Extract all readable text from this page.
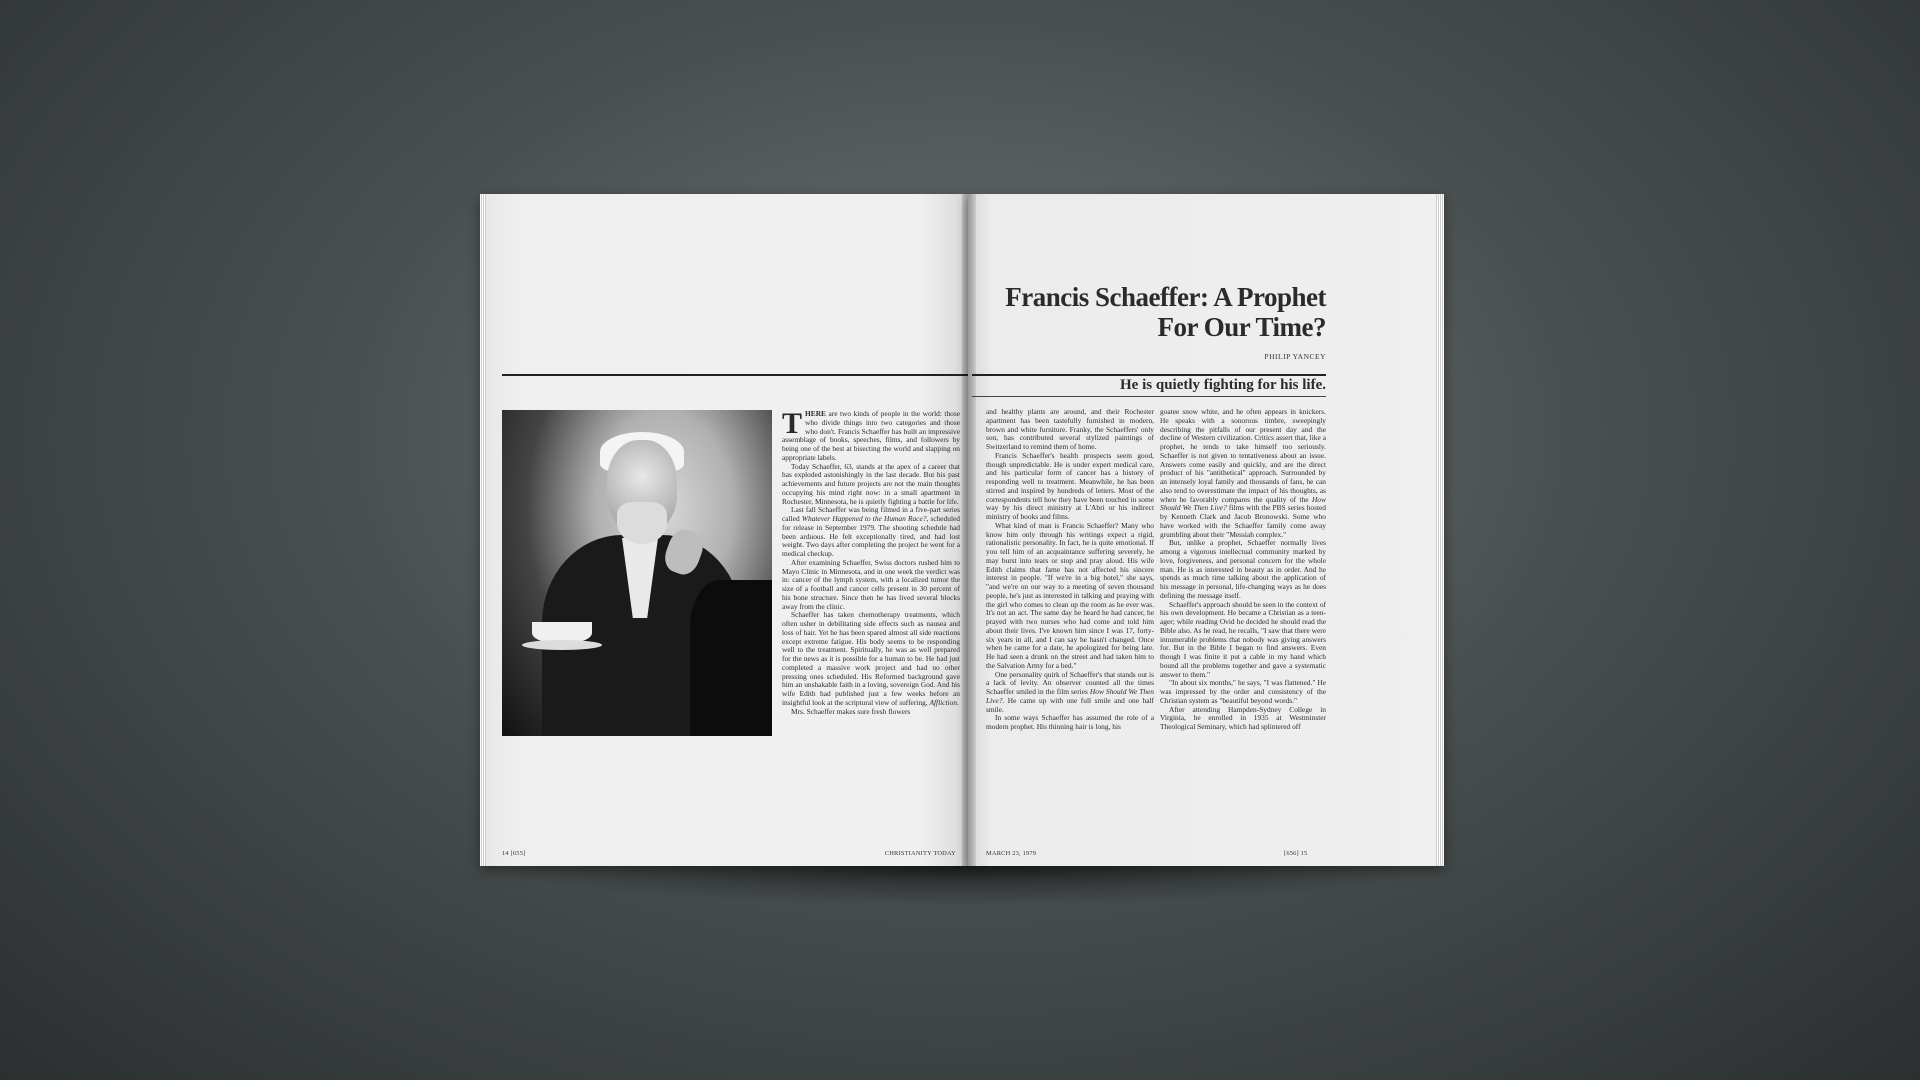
THERE are two kinds of people in the world: those who divide things into two categories and those who don't. Francis Schaeffer has built an impressive assemblage of books, speeches, films, and followers by being one of the best at bisecting the world and slapping on appropriate labels.

Today Schaeffer, 63, stands at the apex of a career that has exploded astonishingly in the last decade. But his past achievements and future projects are not the main thoughts occupying his mind right now: in a small apartment in Rochester, Minnesota, he is quietly fighting a battle for life.

Last fall Schaeffer was being filmed in a five-part series called Whatever Happened to the Human Race?, scheduled for release in September 1979. The shooting schedule had been arduous. He felt exceptionally tired, and had lost weight. Two days after completing the project he went for a medical checkup.

After examining Schaeffer, Swiss doctors rushed him to Mayo Clinic in Minnesota, and in one week the verdict was in: cancer of the lymph system, with a localized tumor the size of a football and cancer cells present in 30 percent of his bone structure. Since then he has lived several blocks away from the clinic.

Schaeffer has taken chemotherapy treatments, which often usher in debilitating side effects such as nausea and loss of hair. Yet he has been spared almost all side reactions except extreme fatigue. His body seems to be responding well to the treatment. Spiritually, he was as well prepared for the news as it is possible for a human to be. He had just completed a massive work project and had no other pressing ones scheduled. His Reformed background gave him an unshakable faith in a loving, sovereign God. And his wife Edith had published just a few weeks before an insightful look at the scriptural view of suffering, Affliction.

Mrs. Schaeffer makes sure fresh flowers

14 [655]	CHRISTIANITY TODAY
Francis Schaeffer: A Prophet
For Our Time?
PHILIP YANCEY
He is quietly fighting for his life.

and healthy plants are around, and their Rochester apartment has been tastefully furnished in modern, brown and white furniture. Franky, the Schaeffers' only son, has contributed several stylized paintings of Switzerland to remind them of home.

Francis Schaeffer's health prospects seem good, though unpredictable. He is under expert medical care, and his particular form of cancer has a history of responding well to treatment. Meanwhile, he has been stirred and inspired by hundreds of letters. Most of the correspondents tell how they have been touched in some way by his direct ministry at L'Abri or his indirect ministry of books and films.

What kind of man is Francis Schaeffer? Many who know him only through his writings expect a rigid, rationalistic personality. In fact, he is quite emotional. If you tell him of an acquaintance suffering severely, he may burst into tears or stop and pray aloud. His wife Edith claims that fame has not affected his sincere interest in people. "If we're in a big hotel," she says, "and we're on our way to a meeting of seven thousand people, he's just as interested in talking and praying with the girl who comes to clean up the room as he ever was. It's not an act. The same day he heard he had cancer, he prayed with two nurses who had come and told him about their lives. I've known him since I was 17, forty-six years in all, and I can say he hasn't changed. Once when he came for a date, he apologized for being late. He had seen a drunk on the street and had taken him to the Salvation Army for a bed."

One personality quirk of Schaeffer's that stands out is a lack of levity. An observer counted all the times Schaeffer smiled in the film series How Should We Then Live?. He came up with one full smile and one half smile.

In some ways Schaeffer has assumed the role of a modern prophet. His thinning hair is long, his

goatee snow white, and he often appears in knickers. He speaks with a sonorous timbre, sweepingly describing the pitfalls of our present day and the decline of Western civilization. Critics assert that, like a prophet, he tends to take himself too seriously. Schaeffer is not given to tentativeness about an issue. Answers come easily and quickly, and are the direct product of his "antithetical" approach. Surrounded by an intensely loyal family and thousands of fans, he can also tend to overestimate the impact of his thoughts, as when he favorably compares the quality of the How Should We Then Live? films with the PBS series hosted by Kenneth Clark and Jacob Bronowski. Some who have worked with the Schaeffer family come away grumbling about their "Messiah complex."

But, unlike a prophet, Schaeffer normally lives among a vigorous intellectual community marked by love, forgiveness, and personal concern for the whole man. He is as interested in beauty as in order. And he spends as much time talking about the application of his message in personal, life-changing ways as he does defining the message itself.

Schaeffer's approach should be seen in the context of his own development. He became a Christian as a teen-ager; while reading Ovid he decided he should read the Bible also. As he read, he recalls, "I saw that there were innumerable problems that nobody was giving answers for. But in the Bible I began to find answers. Even though I was finite it put a cable in my hand which bound all the problems together and gave a systematic answer to them."

"In about six months," he says, "I was flattened." He was impressed by the order and consistency of the Christian system as "beautiful beyond words."

After attending Hampden-Sydney College in Virginia, he enrolled in 1935 at Westminster Theological Seminary, which had splintered off

MARCH 23, 1979	[656] 15
